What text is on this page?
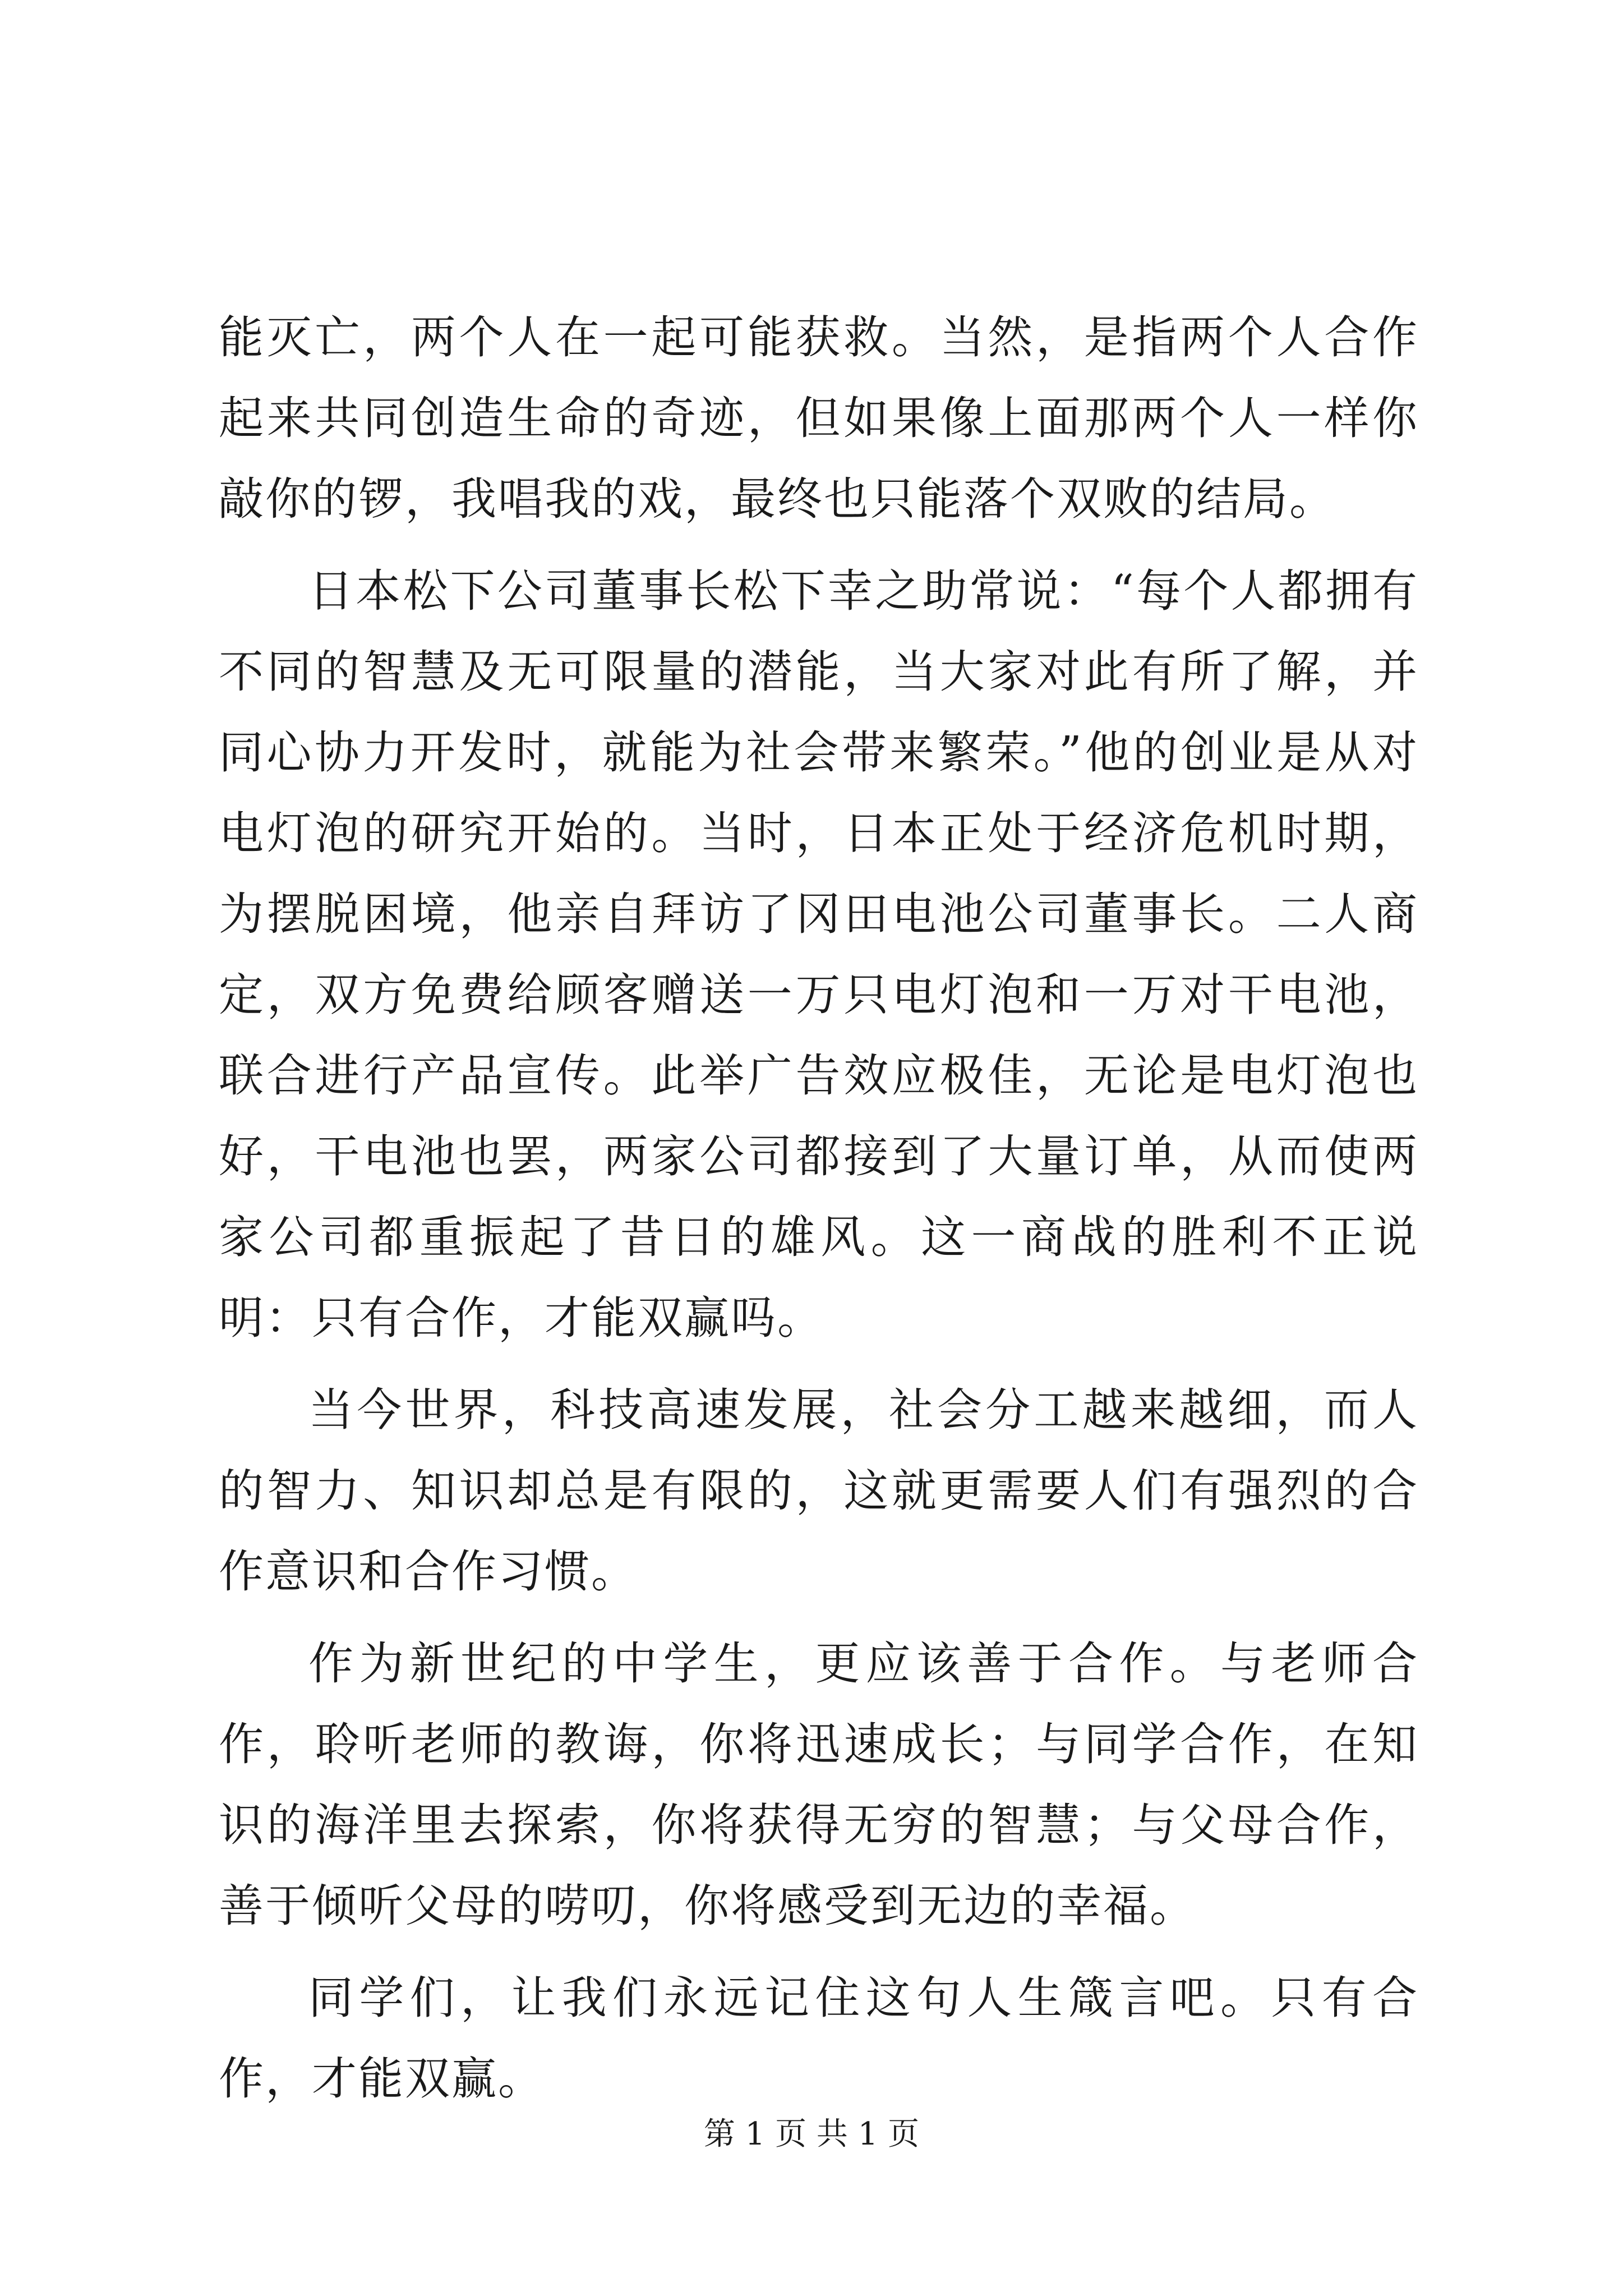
能灭亡，两个人在一起可能获救。当然，是指两个人合作起来共同创造生命的奇迹，但如果像上面那两个人一样你敲你的锣，我唱我的戏，最终也只能落个双败的结局。

日本松下公司董事长松下幸之助常说：“每个人都拥有不同的智慧及无可限量的潜能，当大家对此有所了解，并同心协力开发时，就能为社会带来繁荣。”他的创业是从对电灯泡的研究开始的。当时，日本正处于经济危机时期，为摆脱困境，他亲自拜访了冈田电池公司董事长。二人商定，双方免费给顾客赠送一万只电灯泡和一万对干电池，联合进行产品宣传。此举广告效应极佳，无论是电灯泡也好，干电池也罢，两家公司都接到了大量订单，从而使两家公司都重振起了昔日的雄风。这一商战的胜利不正说明：只有合作，才能双赢吗。

当今世界，科技高速发展，社会分工越来越细，而人的智力、知识却总是有限的，这就更需要人们有强烈的合作意识和合作习惯。

作为新世纪的中学生，更应该善于合作。与老师合作，聆听老师的教诲，你将迅速成长；与同学合作，在知识的海洋里去探索，你将获得无穷的智慧；与父母合作，善于倾听父母的唠叨，你将感受到无边的幸福。

同学们，让我们永远记住这句人生箴言吧。只有合作，才能双赢。

第 1 页 共 1 页
